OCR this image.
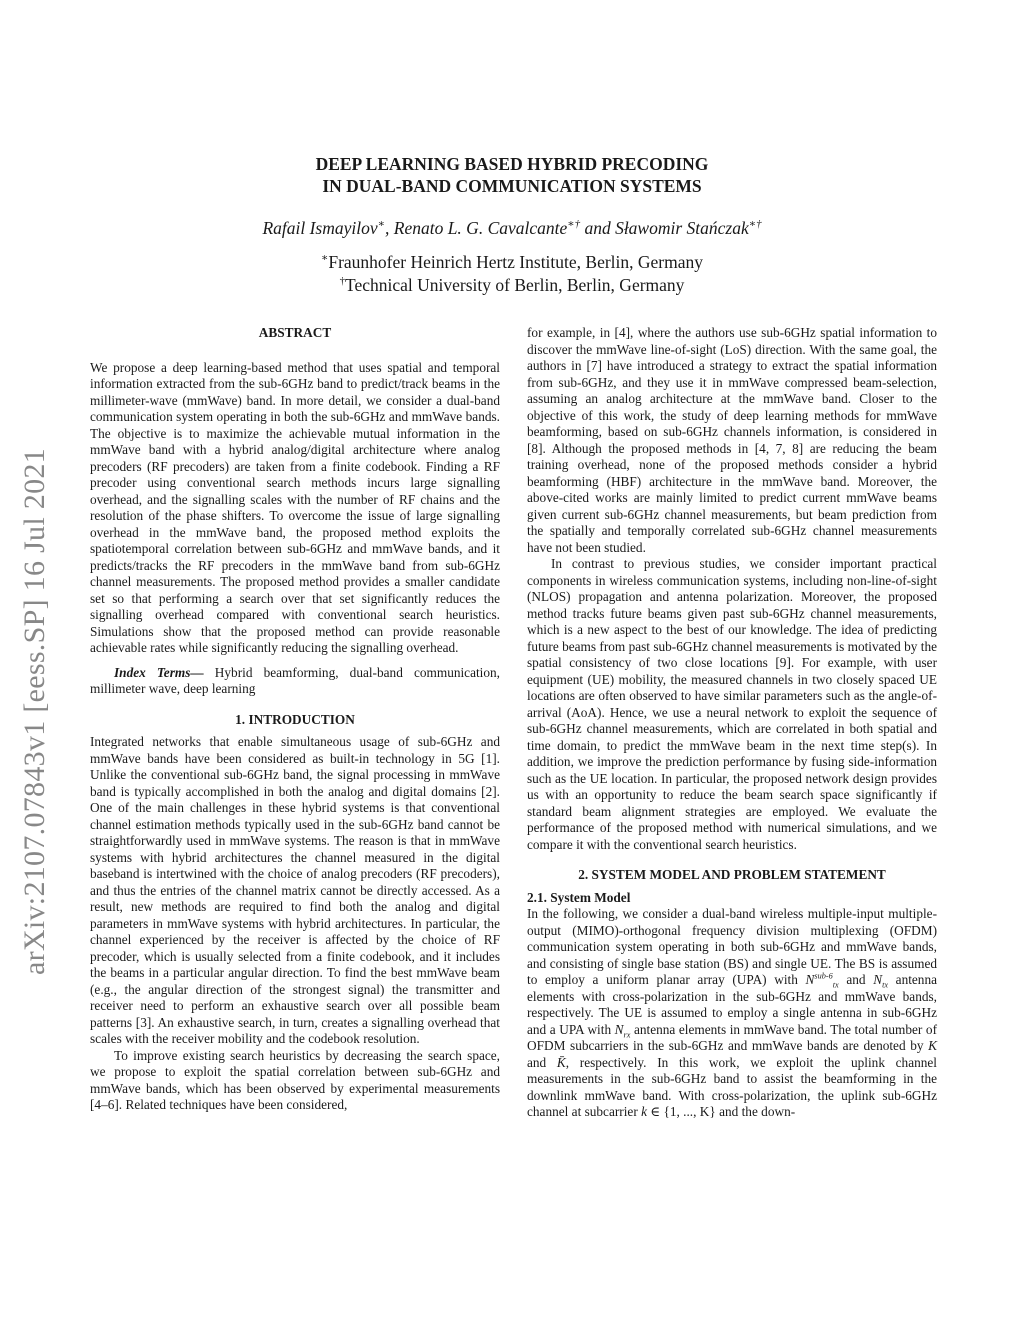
arXiv:2107.07843v1 [eess.SP] 16 Jul 2021
DEEP LEARNING BASED HYBRID PRECODING
IN DUAL-BAND COMMUNICATION SYSTEMS
Rafail Ismayilov∗, Renato L. G. Cavalcante∗† and Sławomir Stańczak∗†
∗Fraunhofer Heinrich Hertz Institute, Berlin, Germany
†Technical University of Berlin, Berlin, Germany
ABSTRACT

We propose a deep learning-based method that uses spatial and temporal information extracted from the sub-6GHz band to predict/track beams in the millimeter-wave (mmWave) band. In more detail, we consider a dual-band communication system operating in both the sub-6GHz and mmWave bands. The objective is to maximize the achievable mutual information in the mmWave band with a hybrid analog/digital architecture where analog precoders (RF precoders) are taken from a finite codebook. Finding a RF precoder using conventional search methods incurs large signalling overhead, and the signalling scales with the number of RF chains and the resolution of the phase shifters. To overcome the issue of large signalling overhead in the mmWave band, the proposed method exploits the spatiotemporal correlation between sub-6GHz and mmWave bands, and it predicts/tracks the RF precoders in the mmWave band from sub-6GHz channel measurements. The proposed method provides a smaller candidate set so that performing a search over that set significantly reduces the signalling overhead compared with conventional search heuristics. Simulations show that the proposed method can provide reasonable achievable rates while significantly reducing the signalling overhead.

Index Terms— Hybrid beamforming, dual-band communication, millimeter wave, deep learning

1. INTRODUCTION

Integrated networks that enable simultaneous usage of sub-6GHz and mmWave bands have been considered as built-in technology in 5G [1]. Unlike the conventional sub-6GHz band, the signal processing in mmWave band is typically accomplished in both the analog and digital domains [2]. One of the main challenges in these hybrid systems is that conventional channel estimation methods typically used in the sub-6GHz band cannot be straightforwardly used in mmWave systems. The reason is that in mmWave systems with hybrid architectures the channel measured in the digital baseband is intertwined with the choice of analog precoders (RF precoders), and thus the entries of the channel matrix cannot be directly accessed. As a result, new methods are required to find both the analog and digital parameters in mmWave systems with hybrid architectures. In particular, the channel experienced by the receiver is affected by the choice of RF precoder, which is usually selected from a finite codebook, and it includes the beams in a particular angular direction. To find the best mmWave beam (e.g., the angular direction of the strongest signal) the transmitter and receiver need to perform an exhaustive search over all possible beam patterns [3]. An exhaustive search, in turn, creates a signalling overhead that scales with the receiver mobility and the codebook resolution.

To improve existing search heuristics by decreasing the search space, we propose to exploit the spatial correlation between sub-6GHz and mmWave bands, which has been observed by experimental measurements [4–6]. Related techniques have been considered,

for example, in [4], where the authors use sub-6GHz spatial information to discover the mmWave line-of-sight (LoS) direction. With the same goal, the authors in [7] have introduced a strategy to extract the spatial information from sub-6GHz, and they use it in mmWave compressed beam-selection, assuming an analog architecture at the mmWave band. Closer to the objective of this work, the study of deep learning methods for mmWave beamforming, based on sub-6GHz channels information, is considered in [8]. Although the proposed methods in [4, 7, 8] are reducing the beam training overhead, none of the proposed methods consider a hybrid beamforming (HBF) architecture in the mmWave band. Moreover, the above-cited works are mainly limited to predict current mmWave beams given current sub-6GHz channel measurements, but beam prediction from the spatially and temporally correlated sub-6GHz channel measurements have not been studied.

In contrast to previous studies, we consider important practical components in wireless communication systems, including non-line-of-sight (NLOS) propagation and antenna polarization. Moreover, the proposed method tracks future beams given past sub-6GHz channel measurements, which is a new aspect to the best of our knowledge. The idea of predicting future beams from past sub-6GHz channel measurements is motivated by the spatial consistency of two close locations [9]. For example, with user equipment (UE) mobility, the measured channels in two closely spaced UE locations are often observed to have similar parameters such as the angle-of-arrival (AoA). Hence, we use a neural network to exploit the sequence of sub-6GHz channel measurements, which are correlated in both spatial and time domain, to predict the mmWave beam in the next time step(s). In addition, we improve the prediction performance by fusing side-information such as the UE location. In particular, the proposed network design provides us with an opportunity to reduce the beam search space significantly if standard beam alignment strategies are employed. We evaluate the performance of the proposed method with numerical simulations, and we compare it with the conventional search heuristics.

2. SYSTEM MODEL AND PROBLEM STATEMENT
2.1. System Model

In the following, we consider a dual-band wireless multiple-input multiple-output (MIMO)-orthogonal frequency division multiplexing (OFDM) communication system operating in both sub-6GHz and mmWave bands, and consisting of single base station (BS) and single UE. The BS is assumed to employ a uniform planar array (UPA) with $N^{sub-6}_{tx}$ and $N_{tx}$ antenna elements with cross-polarization in the sub-6GHz and mmWave bands, respectively. The UE is assumed to employ a single antenna in sub-6GHz and a UPA with $N_{rx}$ antenna elements in mmWave band. The total number of OFDM subcarriers in the sub-6GHz and mmWave bands are denoted by K and K̄, respectively. In this work, we exploit the uplink channel measurements in the sub-6GHz band to assist the beamforming in the downlink mmWave band. With cross-polarization, the uplink sub-6GHz channel at subcarrier k ∈ {1, ..., K} and the down-
